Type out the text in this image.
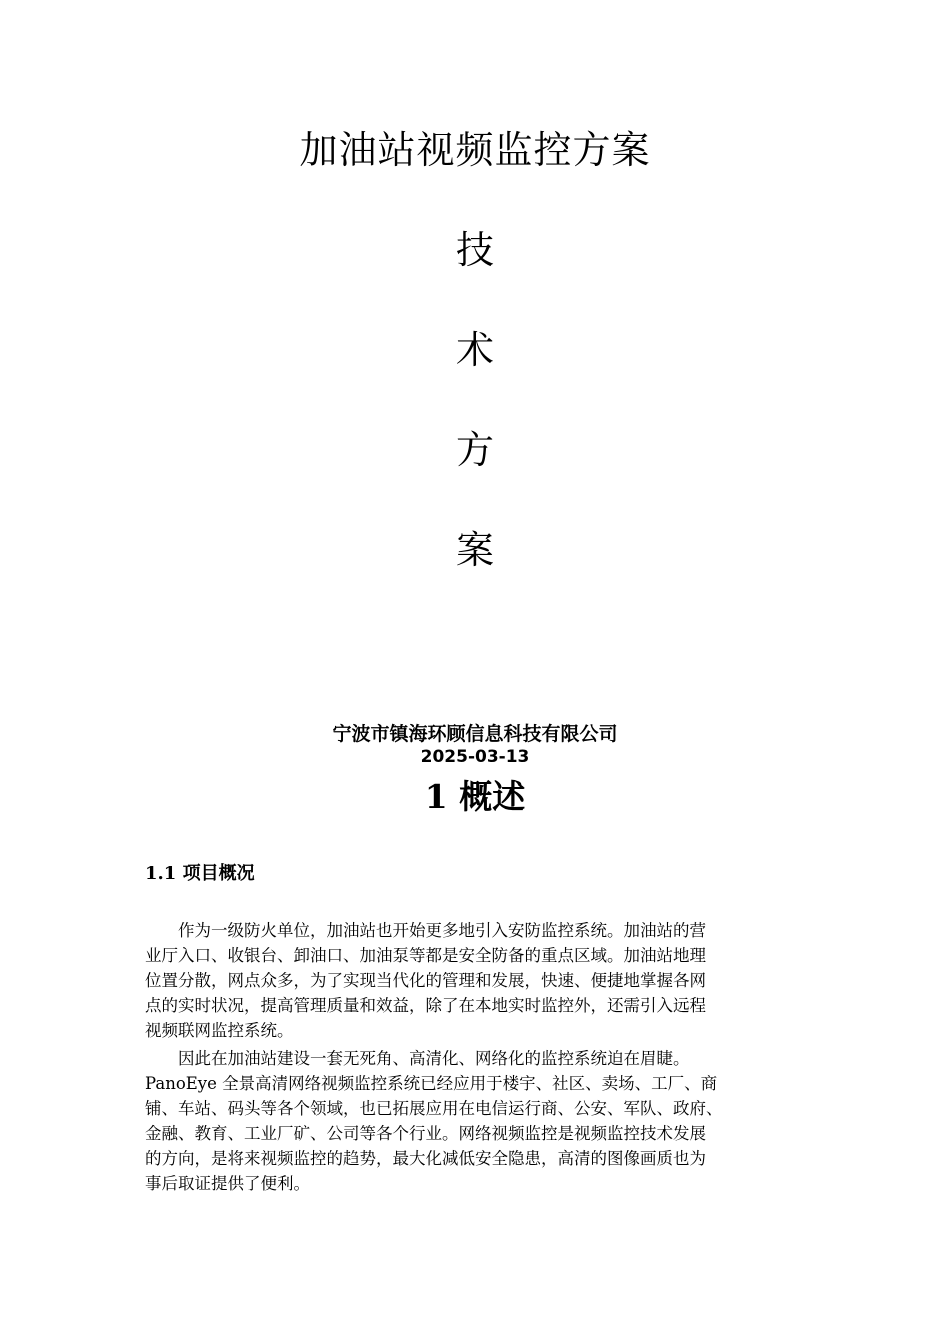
加油站视频监控方案
技
术
方
案
宁波市镇海环顾信息科技有限公司
2025-03-13
1 概述
1.1 项目概况

作为一级防火单位，加油站也开始更多地引入安防监控系统。加油站的营

业厅入口、收银台、卸油口、加油泵等都是安全防备的重点区域。加油站地理
位置分散，网点众多，为了实现当代化的管理和发展，快速、便捷地掌握各网
点的实时状况，提高管理质量和效益，除了在本地实时监控外，还需引入远程
视频联网监控系统。

因此在加油站建设一套无死角、高清化、网络化的监控系统迫在眉睫。

PanoEye 全景高清网络视频监控系统已经应用于楼宇、社区、卖场、工厂、商
铺、车站、码头等各个领域，也已拓展应用在电信运行商、公安、军队、政府、
金融、教育、工业厂矿、公司等各个行业。网络视频监控是视频监控技术发展
的方向，是将来视频监控的趋势，最大化减低安全隐患，高清的图像画质也为
事后取证提供了便利。
